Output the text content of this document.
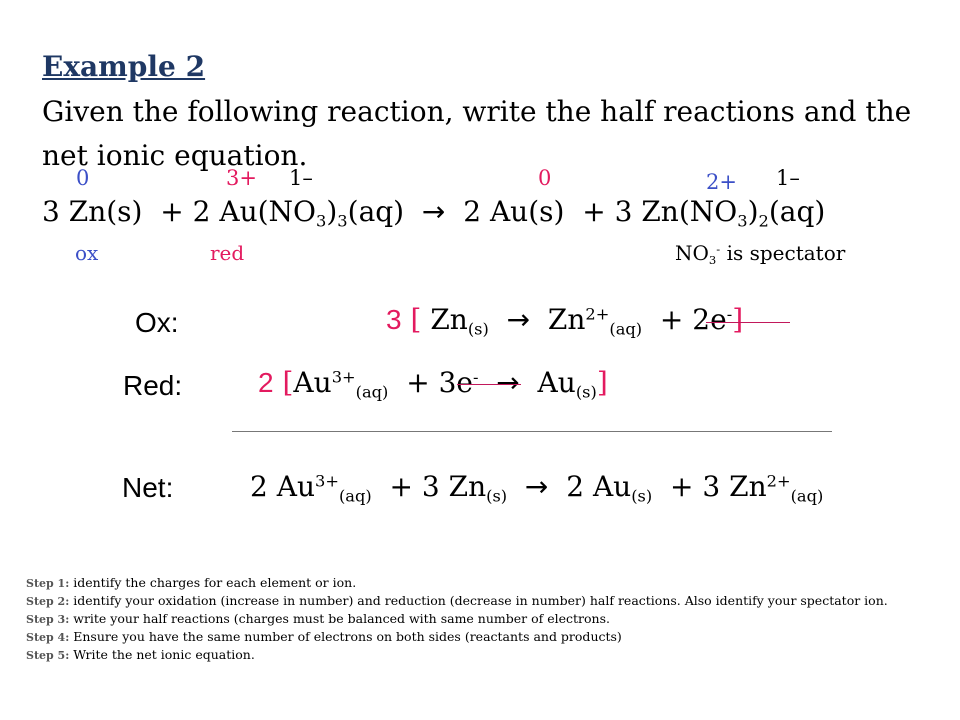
Example 2
Given the following reaction, write the half reactions and the net ionic equation.
0	3+ 1–	0	2+ 1–
3 Zn(s) + 2 $Au(NO_3)_3(aq) \to 2$ Au(s) + 3 $Zn(NO_3)_2(aq)$
ox	red	$NO_3^-$ is spectator
Ox:	3 [ $Zn_{(s)} \to Zn^{2+}_{(aq)} + 2e^-$]
Red:	2 $[Au^{3+}_{(aq)} + 3e^- \to Au_{(s)}]$
Net:	2 $Au^{3+}_{(aq)} + 3$ $Zn_{(s)} \to 2$ $Au_{(s)} + 3$ $Zn^{2+}_{(aq)}$
Step 1: identify the charges for each element or ion.
Step 2: identify your oxidation (increase in number) and reduction (decrease in number) half reactions. Also identify your spectator ion.
Step 3: write your half reactions (charges must be balanced with same number of electrons.
Step 4: Ensure you have the same number of electrons on both sides (reactants and products)
Step 5: Write the net ionic equation.
